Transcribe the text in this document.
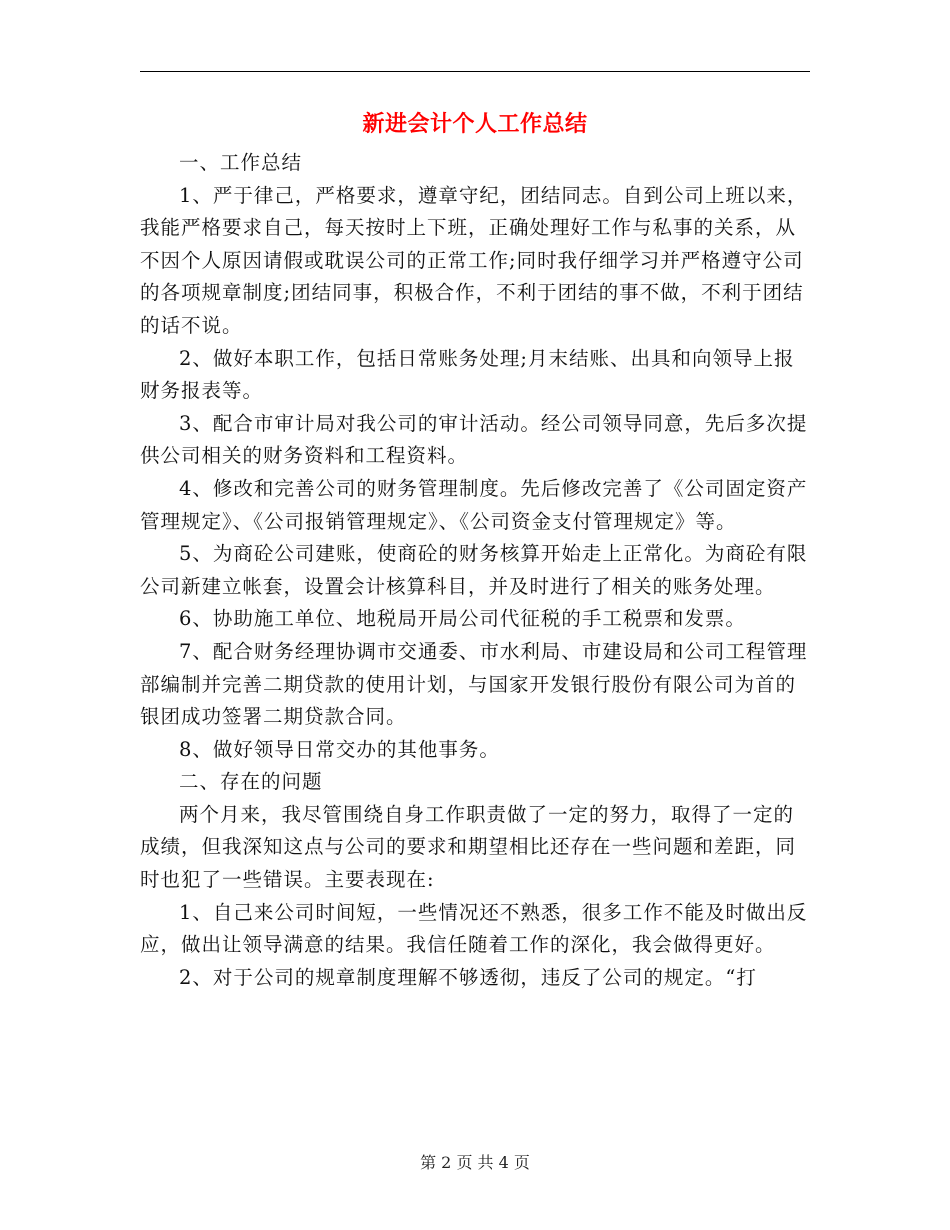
新进会计个人工作总结

一、工作总结

1、严于律己，严格要求，遵章守纪，团结同志。自到公司上班以来，我能严格要求自己，每天按时上下班，正确处理好工作与私事的关系，从不因个人原因请假或耽误公司的正常工作;同时我仔细学习并严格遵守公司的各项规章制度;团结同事，积极合作，不利于团结的事不做，不利于团结的话不说。

2、做好本职工作，包括日常账务处理;月末结账、出具和向领导上报财务报表等。

3、配合市审计局对我公司的审计活动。经公司领导同意，先后多次提供公司相关的财务资料和工程资料。

4、修改和完善公司的财务管理制度。先后修改完善了《公司固定资产管理规定》、《公司报销管理规定》、《公司资金支付管理规定》等。

5、为商砼公司建账，使商砼的财务核算开始走上正常化。为商砼有限公司新建立帐套，设置会计核算科目，并及时进行了相关的账务处理。

6、协助施工单位、地税局开局公司代征税的手工税票和发票。

7、配合财务经理协调市交通委、市水利局、市建设局和公司工程管理部编制并完善二期贷款的使用计划，与国家开发银行股份有限公司为首的银团成功签署二期贷款合同。

8、做好领导日常交办的其他事务。

二、存在的问题

两个月来，我尽管围绕自身工作职责做了一定的努力，取得了一定的成绩，但我深知这点与公司的要求和期望相比还存在一些问题和差距，同时也犯了一些错误。主要表现在:

1、自己来公司时间短，一些情况还不熟悉，很多工作不能及时做出反应，做出让领导满意的结果。我信任随着工作的深化，我会做得更好。

2、对于公司的规章制度理解不够透彻，违反了公司的规定。“打

第 2 页 共 4 页
